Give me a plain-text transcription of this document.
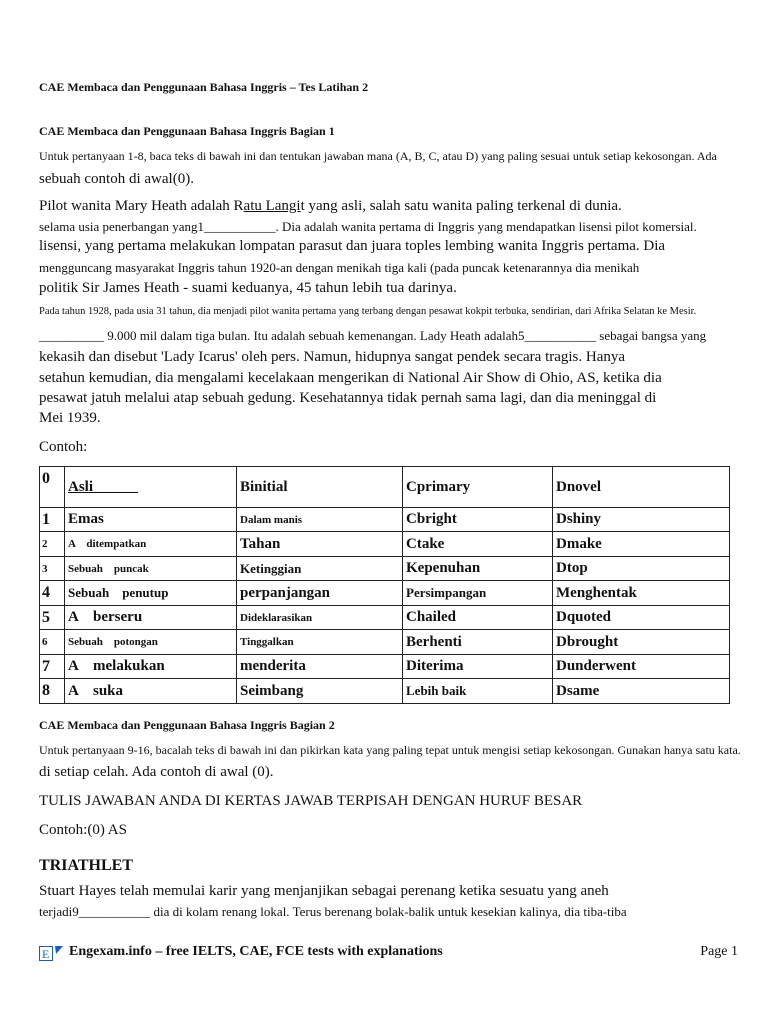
CAE Membaca dan Penggunaan Bahasa Inggris – Tes Latihan 2
CAE Membaca dan Penggunaan Bahasa Inggris Bagian 1
Untuk pertanyaan 1-8, baca teks di bawah ini dan tentukan jawaban mana (A, B, C, atau D) yang paling sesuai untuk setiap kekosongan. Ada
sebuah contoh di awal(0).
Pilot wanita Mary Heath adalah Ratu Langit yang asli, salah satu wanita paling terkenal di dunia.
selama usia penerbangan yang1___________. Dia adalah wanita pertama di Inggris yang mendapatkan lisensi pilot komersial.
lisensi, yang pertama melakukan lompatan parasut dan juara toples lembing wanita Inggris pertama. Dia
mengguncang masyarakat Inggris tahun 1920-an dengan menikah tiga kali (pada puncak ketenarannya dia menikah
politik Sir James Heath - suami keduanya, 45 tahun lebih tua darinya.
Pada tahun 1928, pada usia 31 tahun, dia menjadi pilot wanita pertama yang terbang dengan pesawat kokpit terbuka, sendirian, dari Afrika Selatan ke Mesir.
__________ 9.000 mil dalam tiga bulan. Itu adalah sebuah kemenangan. Lady Heath adalah5___________ sebagai bangsa yang
kekasih dan disebut 'Lady Icarus' oleh pers. Namun, hidupnya sangat pendek secara tragis. Hanya
setahun kemudian, dia mengalami kecelakaan mengerikan di National Air Show di Ohio, AS, ketika dia
pesawat jatuh melalui atap sebuah gedung. Kesehatannya tidak pernah sama lagi, dan dia meninggal di
Mei 1939.
Contoh:
0	Asli______	Binitial	Cprimary	Dnovel
1	Emas	Dalam manis	Cbright	Dshiny
2	A    ditempatkan	Tahan	Ctake	Dmake
3	Sebuah    puncak	Ketinggian	Kepenuhan	Dtop
4	Sebuah    penutup	perpanjangan	Persimpangan	Menghentak
5	A    berseru	Dideklarasikan	Chailed	Dquoted
6	Sebuah    potongan	Tinggalkan	Berhenti	Dbrought
7	A    melakukan	menderita	Diterima	Dunderwent
8	A    suka	Seimbang	Lebih baik	Dsame
CAE Membaca dan Penggunaan Bahasa Inggris Bagian 2
Untuk pertanyaan 9-16, bacalah teks di bawah ini dan pikirkan kata yang paling tepat untuk mengisi setiap kekosongan. Gunakan hanya satu kata.
di setiap celah. Ada contoh di awal (0).
TULIS JAWABAN ANDA DI KERTAS JAWAB TERPISAH DENGAN HURUF BESAR
Contoh:(0) AS
TRIATHLET
Stuart Hayes telah memulai karir yang menjanjikan sebagai perenang ketika sesuatu yang aneh
terjadi9___________ dia di kolam renang lokal. Terus berenang bolak-balik untuk kesekian kalinya, dia tiba-tiba
E Engexam.info – free IELTS, CAE, FCE tests with explanations	Page 1
